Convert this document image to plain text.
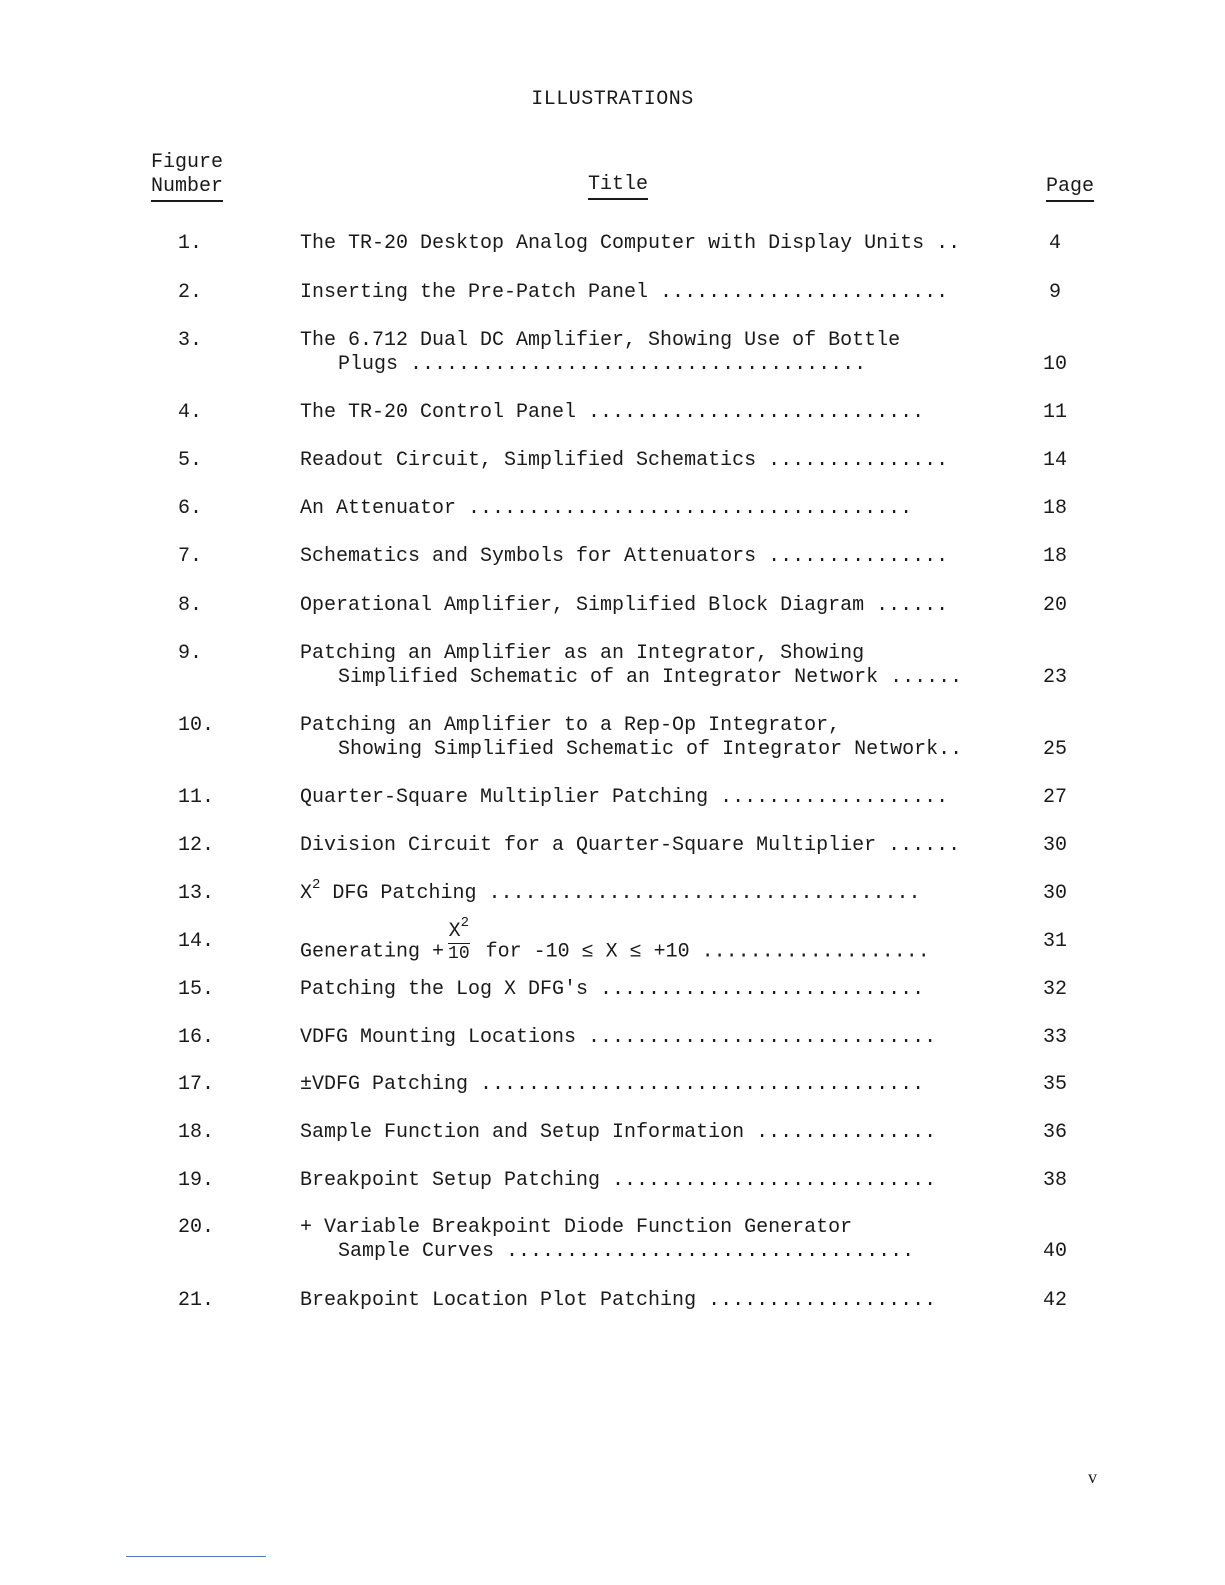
ILLUSTRATIONS
Figure
Number	Title	Page
1.	The TR-20 Desktop Analog Computer with Display Units ..	4
2.	Inserting the Pre-Patch Panel ........................	9
3.	The 6.712 Dual DC Amplifier, Showing Use of Bottle
Plugs ......................................	10
4.	The TR-20 Control Panel ............................	11
5.	Readout Circuit, Simplified Schematics ...............	14
6.	An Attenuator .....................................	18
7.	Schematics and Symbols for Attenuators ...............	18
8.	Operational Amplifier, Simplified Block Diagram ......	20
9.	Patching an Amplifier as an Integrator, Showing
Simplified Schematic of an Integrator Network ......	23
10.	Patching an Amplifier to a Rep-Op Integrator,
Showing Simplified Schematic of Integrator Network..	25
11.	Quarter-Square Multiplier Patching ...................	27
12.	Division Circuit for a Quarter-Square Multiplier ......	30
13.	$X^2$ DFG Patching ....................................	30
14.	Generating + $\frac{X^2}{10}$ for -10 ≤ X ≤ +10 ...................	31
15.	Patching the Log X DFG's ...........................	32
16.	VDFG Mounting Locations .............................	33
17.	±VDFG Patching .....................................	35
18.	Sample Function and Setup Information ...............	36
19.	Breakpoint Setup Patching ...........................	38
20.	+ Variable Breakpoint Diode Function Generator
Sample Curves ..................................	40
21.	Breakpoint Location Plot Patching ...................	42
v
